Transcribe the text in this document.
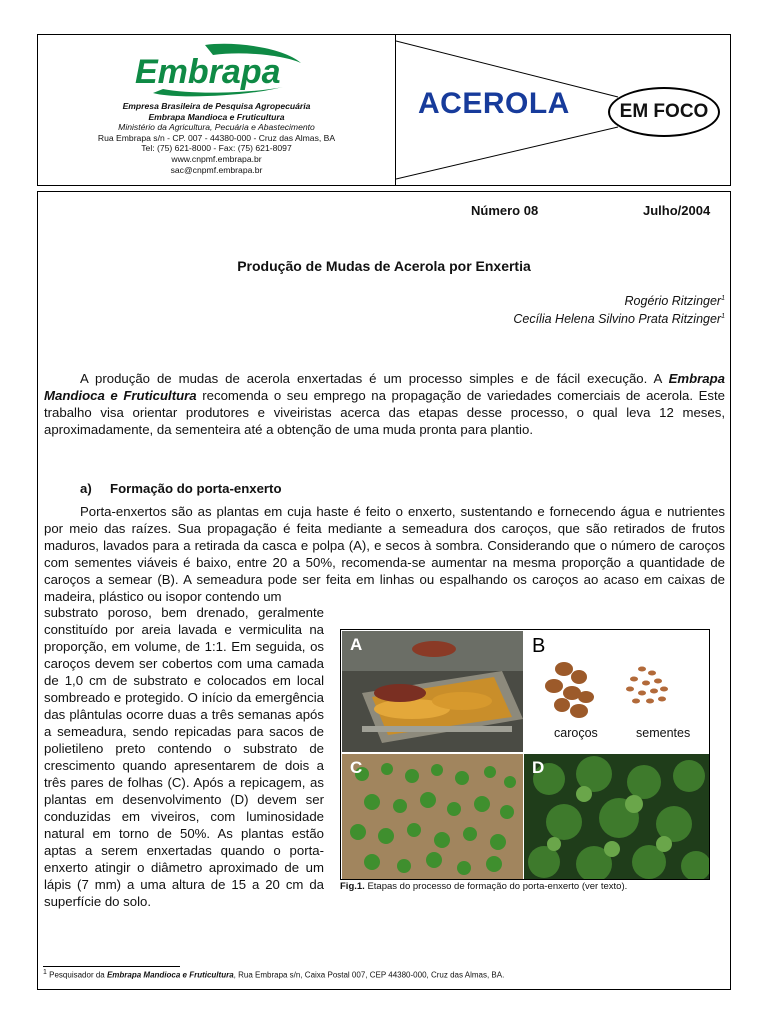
Embrapa
Empresa Brasileira de Pesquisa Agropecuária
Embrapa Mandioca e Fruticultura
Ministério da Agricultura, Pecuária e Abastecimento
Rua Embrapa s/n - CP. 007 - 44380-000 - Cruz das Almas, BA
Tel: (75) 621-8000 - Fax: (75) 621-8097
www.cnpmf.embrapa.br
sac@cnpmf.embrapa.br
ACEROLA	EM FOCO
Número 08	Julho/2004
Produção de Mudas de Acerola por Enxertia
Rogério Ritzinger$^1$
Cecília Helena Silvino Prata Ritzinger$^1$

A produção de mudas de acerola enxertadas é um processo simples e de fácil execução. A Embrapa Mandioca e Fruticultura recomenda o seu emprego na propagação de variedades comerciais de acerola. Este trabalho visa orientar produtores e viveiristas acerca das etapas desse processo, o qual leva 12 meses, aproximadamente, da sementeira até a obtenção de uma muda pronta para plantio.

a)     Formação do porta-enxerto

Porta-enxertos são as plantas em cuja haste é feito o enxerto, sustentando e fornecendo água e nutrientes por meio das raízes. Sua propagação é feita mediante a semeadura dos caroços, que são retirados de frutos maduros, lavados para a retirada da casca e polpa (A), e secos à sombra. Considerando que o número de caroços com sementes viáveis é baixo, entre 20 a 50%, recomenda-se aumentar na mesma proporção a quantidade de caroços a semear (B). A semeadura pode ser feita em linhas ou espalhando os caroços ao acaso em caixas de madeira, plástico ou isopor contendo um

substrato poroso, bem drenado, geralmente constituído por areia lavada e vermiculita na proporção, em volume, de 1:1. Em seguida, os caroços devem ser cobertos com uma camada de 1,0 cm de substrato e colocados em local sombreado e protegido. O início da emergência das plântulas ocorre duas a três semanas após a semeadura, sendo repicadas para sacos de polietileno preto contendo o substrato de crescimento quando apresentarem de dois a três pares de folhas (C). Após a repicagem, as plantas em desenvolvimento (D) devem ser conduzidas em viveiros, com luminosidade natural em torno de 50%. As plantas estão aptas a serem enxertadas quando o porta-enxerto atingir o diâmetro aproximado de um lápis (7 mm) a uma altura de 15 a 20 cm da superfície do solo.

A	B
caroços	sementes
C	D
Fig.1. Etapas do processo de formação do porta-enxerto (ver texto).
$^1$ Pesquisador da Embrapa Mandioca e Fruticultura, Rua Embrapa s/n, Caixa Postal 007, CEP 44380-000, Cruz das Almas, BA.
